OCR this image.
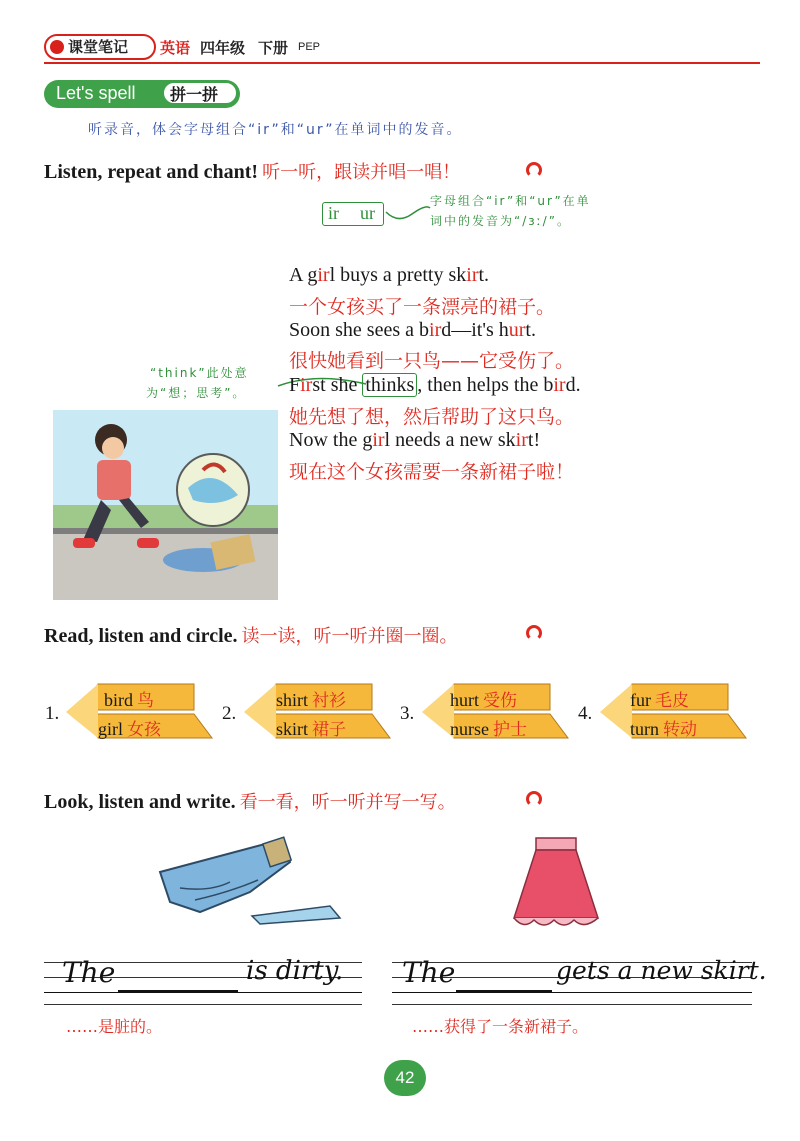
课堂笔记 英语 四年级 下册 PEP
Let's spell 拼一拼
听录音，体会字母组合“ir”和“ur”在单词中的发音。
Listen, repeat and chant! 听一听，跟读并唱一唱！
ir ur
字母组合“ir”和“ur”在单
词中的发音为“/ɜː/”。
“think”此处意
为“想；思考”。
A girl buys a pretty skirt.
一个女孩买了一条漂亮的裙子。
Soon she sees a bird—it's hurt.
很快她看到一只鸟——它受伤了。
First she thinks , then helps the bird.
她先想了想，然后帮助了这只鸟。
Now the girl needs a new skirt!
现在这个女孩需要一条新裙子啦！
Read, listen and circle. 读一读，听一听并圈一圈。
1.
bird 鸟
girl 女孩
2.
shirt 衬衫
skirt 裙子
3.
hurt 受伤
nurse 护士
4.
fur 毛皮
turn 转动
Look, listen and write. 看一看，听一听并写一写。
The	is dirty.
……是脏的。
The	gets a new skirt.
……获得了一条新裙子。
42
